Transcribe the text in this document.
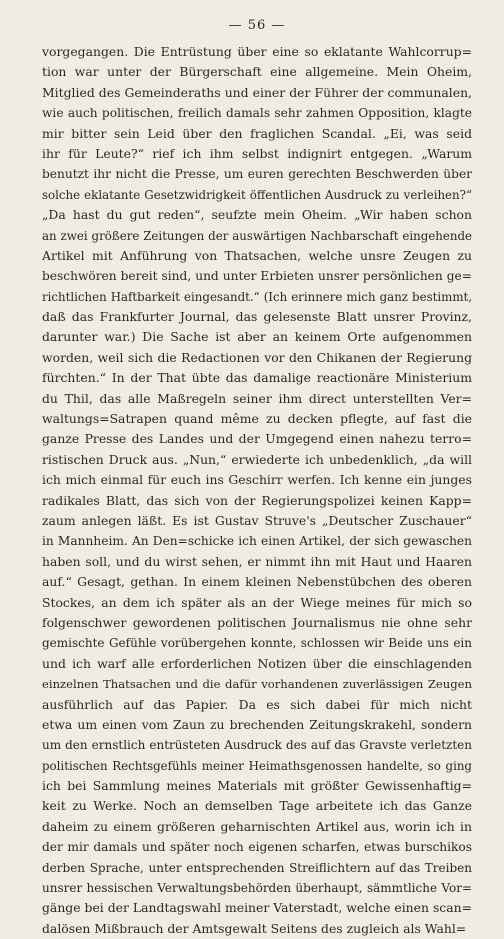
— 56 —
vorgegangen. Die Entrüstung über eine so eklatante Wahlcorrup=
tion war unter der Bürgerschaft eine allgemeine. Mein Oheim,
Mitglied des Gemeinderaths und einer der Führer der communalen,
wie auch politischen, freilich damals sehr zahmen Opposition, klagte
mir bitter sein Leid über den fraglichen Scandal. „Ei, was seid
ihr für Leute?“ rief ich ihm selbst indignirt entgegen. „Warum
benutzt ihr nicht die Presse, um euren gerechten Beschwerden über
solche eklatante Gesetzwidrigkeit öffentlichen Ausdruck zu verleihen?“
„Da hast du gut reden“, seufzte mein Oheim. „Wir haben schon
an zwei größere Zeitungen der auswärtigen Nachbarschaft eingehende
Artikel mit Anführung von Thatsachen, welche unsre Zeugen zu
beschwören bereit sind, und unter Erbieten unsrer persönlichen ge=
richtlichen Haftbarkeit eingesandt.“ (Ich erinnere mich ganz bestimmt,
daß das Frankfurter Journal, das gelesenste Blatt unsrer Provinz,
darunter war.) Die Sache ist aber an keinem Orte aufgenommen
worden, weil sich die Redactionen vor den Chikanen der Regierung
fürchten.“ In der That übte das damalige reactionäre Ministerium
du Thil, das alle Maßregeln seiner ihm direct unterstellten Ver=
waltungs=Satrapen quand même zu decken pflegte, auf fast die
ganze Presse des Landes und der Umgegend einen nahezu terro=
ristischen Druck aus. „Nun,“ erwiederte ich unbedenklich, „da will
ich mich einmal für euch ins Geschirr werfen. Ich kenne ein junges
radikales Blatt, das sich von der Regierungspolizei keinen Kapp=
zaum anlegen läßt. Es ist Gustav Struve's „Deutscher Zuschauer“
in Mannheim. An Den=schicke ich einen Artikel, der sich gewaschen
haben soll, und du wirst sehen, er nimmt ihn mit Haut und Haaren
auf.“ Gesagt, gethan. In einem kleinen Nebenstübchen des oberen
Stockes, an dem ich später als an der Wiege meines für mich so
folgenschwer gewordenen politischen Journalismus nie ohne sehr
gemischte Gefühle vorübergehen konnte, schlossen wir Beide uns ein
und ich warf alle erforderlichen Notizen über die einschlagenden
einzelnen Thatsachen und die dafür vorhandenen zuverlässigen Zeugen
ausführlich auf das Papier. Da es sich dabei für mich nicht
etwa um einen vom Zaun zu brechenden Zeitungskrakehl, sondern
um den ernstlich entrüsteten Ausdruck des auf das Gravste verletzten
politischen Rechtsgefühls meiner Heimathsgenossen handelte, so ging
ich bei Sammlung meines Materials mit größter Gewissenhaftig=
keit zu Werke. Noch an demselben Tage arbeitete ich das Ganze
daheim zu einem größeren geharnischten Artikel aus, worin ich in
der mir damals und später noch eigenen scharfen, etwas burschikos
derben Sprache, unter entsprechenden Streiflichtern auf das Treiben
unsrer hessischen Verwaltungsbehörden überhaupt, sämmtliche Vor=
gänge bei der Landtagswahl meiner Vaterstadt, welche einen scan=
dalösen Mißbrauch der Amtsgewalt Seitens des zugleich als Wahl=
